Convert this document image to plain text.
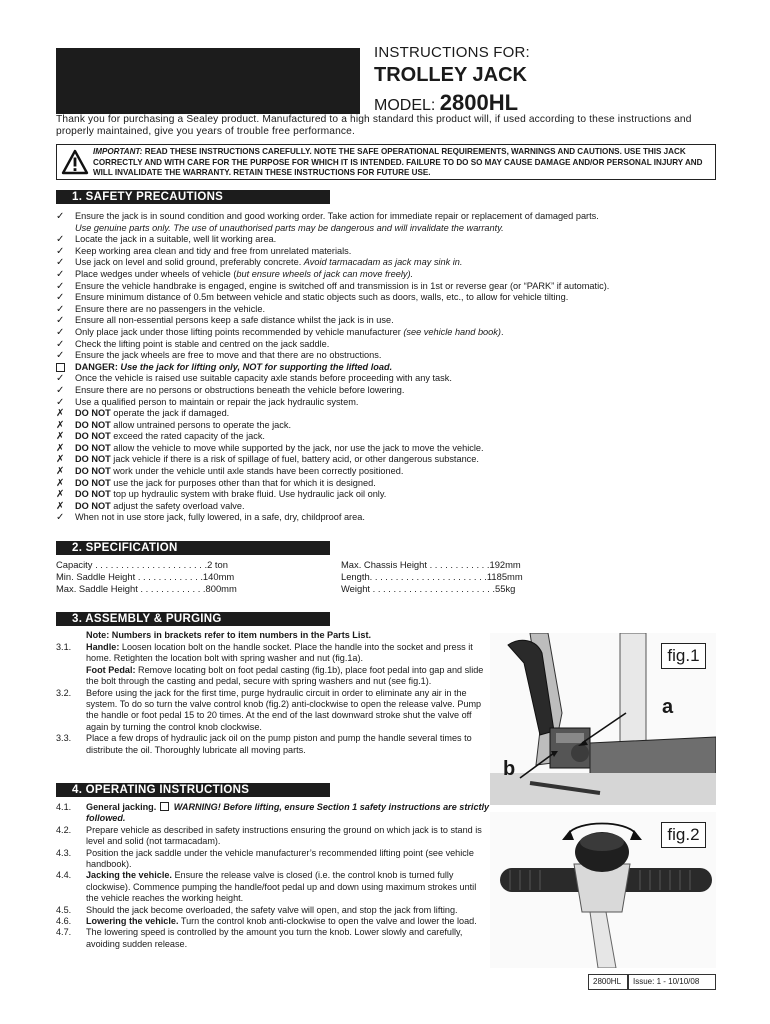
INSTRUCTIONS FOR:
TROLLEY JACK
MODEL: 2800HL
Thank you for purchasing a Sealey product. Manufactured to a high standard this product will, if used according to these instructions and properly maintained, give you years of trouble free performance.
IMPORTANT: READ THESE INSTRUCTIONS CAREFULLY. NOTE THE SAFE OPERATIONAL REQUIREMENTS, WARNINGS AND CAUTIONS. USE THIS JACK CORRECTLY AND WITH CARE FOR THE PURPOSE FOR WHICH IT IS INTENDED. FAILURE TO DO SO MAY CAUSE DAMAGE AND/OR PERSONAL INJURY AND WILL INVALIDATE THE WARRANTY. RETAIN THESE INSTRUCTIONS FOR FUTURE USE.
1. SAFETY PRECAUTIONS
✓	Ensure the jack is in sound condition and good working order. Take action for immediate repair or replacement of damaged parts.
Use genuine parts only. The use of unauthorised parts may be dangerous and will invalidate the warranty.
✓	Locate the jack in a suitable, well lit working area.
✓	Keep working area clean and tidy and free from unrelated materials.
✓	Use jack on level and solid ground, preferably concrete. Avoid tarmacadam as jack may sink in.
✓	Place wedges under wheels of vehicle (but ensure wheels of jack can move freely).
✓	Ensure the vehicle handbrake is engaged, engine is switched off and transmission is in 1st or reverse gear (or “PARK” if automatic).
✓	Ensure minimum distance of 0.5m between vehicle and static objects such as doors, walls, etc., to allow for vehicle tilting.
✓	Ensure there are no passengers in the vehicle.
✓	Ensure all non-essential persons keep a safe distance whilst the jack is in use.
✓	Only place jack under those lifting points recommended by vehicle manufacturer (see vehicle hand book).
✓	Check the lifting point is stable and centred on the jack saddle.
✓	Ensure the jack wheels are free to move and that there are no obstructions.
DANGER: Use the jack for lifting only, NOT for supporting the lifted load.
✓	Once the vehicle is raised use suitable capacity axle stands before proceeding with any task.
✓	Ensure there are no persons or obstructions beneath the vehicle before lowering.
✓	Use a qualified person to maintain or repair the jack hydraulic system.
✗	DO NOT operate the jack if damaged.
✗	DO NOT allow untrained persons to operate the jack.
✗	DO NOT exceed the rated capacity of the jack.
✗	DO NOT allow the vehicle to move while supported by the jack, nor use the jack to move the vehicle.
✗	DO NOT jack vehicle if there is a risk of spillage of fuel, battery acid, or other dangerous substance.
✗	DO NOT work under the vehicle until axle stands have been correctly positioned.
✗	DO NOT use the jack for purposes other than that for which it is designed.
✗	DO NOT top up hydraulic system with brake fluid. Use hydraulic jack oil only.
✗	DO NOT adjust the safety overload valve.
✓	When not in use store jack, fully lowered, in a safe, dry, childproof area.
2. SPECIFICATION
Capacity . . . . . . . . . . . . . . . . . . . . . .2 ton
Min. Saddle Height . . . . . . . . . . . . .140mm
Max. Saddle Height . . . . . . . . . . . . .800mm
Max. Chassis Height . . . . . . . . . . . .192mm
Length. . . . . . . . . . . . . . . . . . . . . . .1185mm
Weight . . . . . . . . . . . . . . . . . . . . . . . .55kg
3. ASSEMBLY & PURGING
Note: Numbers in brackets refer to item numbers in the Parts List.
3.1. Handle: Loosen location bolt on the handle socket. Place the handle into the socket and press it home. Retighten the location bolt with spring washer and nut (fig.1a).
Foot Pedal: Remove locating bolt on foot pedal casting (fig.1b), place foot pedal into gap and slide the bolt through the casting and pedal, secure with spring washers and nut (see fig.1).
3.2. Before using the jack for the first time, purge hydraulic circuit in order to eliminate any air in the system. To do so turn the valve control knob (fig.2) anti-clockwise to open the release valve. Pump the handle or foot pedal 15 to 20 times. At the end of the last downward stroke shut the valve off again by turning the control knob clockwise.
3.3. Place a few drops of hydraulic jack oil on the pump piston and pump the handle several times to distribute the oil. Thoroughly lubricate all moving parts.
4. OPERATING INSTRUCTIONS
4.1. General jacking. WARNING! Before lifting, ensure Section 1 safety instructions are strictly followed.
4.2. Prepare vehicle as described in safety instructions ensuring the ground on which jack is to stand is level and solid (not tarmacadam).
4.3. Position the jack saddle under the vehicle manufacturer’s recommended lifting point (see vehicle handbook).
4.4. Jacking the vehicle. Ensure the release valve is closed (i.e. the control knob is turned fully clockwise). Commence pumping the handle/foot pedal up and down using maximum strokes until the vehicle reaches the working height.
4.5. Should the jack become overloaded, the safety valve will open, and stop the jack from lifting.
4.6. Lowering the vehicle. Turn the control knob anti-clockwise to open the valve and lower the load.
4.7. The lowering speed is controlled by the amount you turn the knob. Lower slowly and carefully, avoiding sudden release.
fig.1
a
b
fig.2
2800HL	Issue: 1 - 10/10/08
